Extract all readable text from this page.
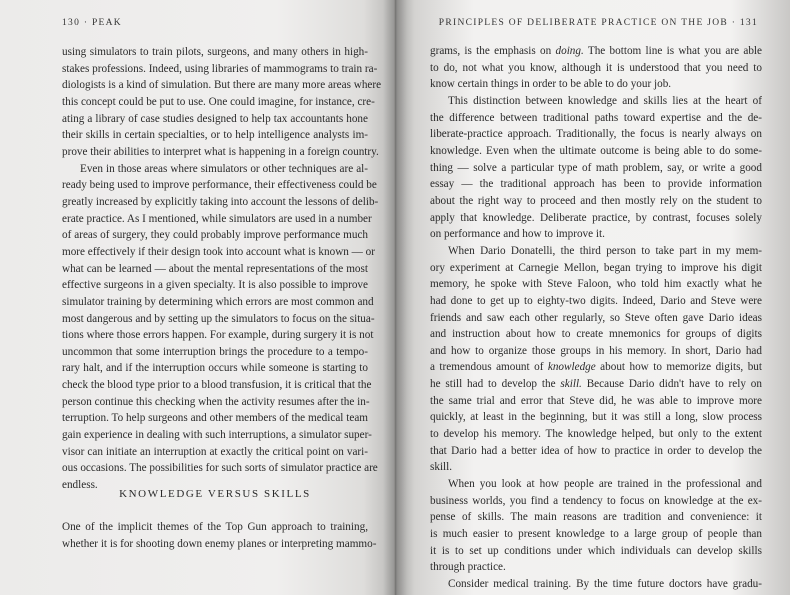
130 · PEAK
using simulators to train pilots, surgeons, and many others in high-
stakes professions. Indeed, using libraries of mammograms to train ra-
diologists is a kind of simulation. But there are many more areas where
this concept could be put to use. One could imagine, for instance, cre-
ating a library of case studies designed to help tax accountants hone
their skills in certain specialties, or to help intelligence analysts im-
prove their abilities to interpret what is happening in a foreign country.
Even in those areas where simulators or other techniques are al-
ready being used to improve performance, their effectiveness could be
greatly increased by explicitly taking into account the lessons of delib-
erate practice. As I mentioned, while simulators are used in a number
of areas of surgery, they could probably improve performance much
more effectively if their design took into account what is known — or
what can be learned — about the mental representations of the most
effective surgeons in a given specialty. It is also possible to improve
simulator training by determining which errors are most common and
most dangerous and by setting up the simulators to focus on the situa-
tions where those errors happen. For example, during surgery it is not
uncommon that some interruption brings the procedure to a tempo-
rary halt, and if the interruption occurs while someone is starting to
check the blood type prior to a blood transfusion, it is critical that the
person continue this checking when the activity resumes after the in-
terruption. To help surgeons and other members of the medical team
gain experience in dealing with such interruptions, a simulator super-
visor can initiate an interruption at exactly the critical point on vari-
ous occasions. The possibilities for such sorts of simulator practice are
endless.
KNOWLEDGE VERSUS SKILLS
One of the implicit themes of the Top Gun approach to training,
whether it is for shooting down enemy planes or interpreting mammo-
PRINCIPLES OF DELIBERATE PRACTICE ON THE JOB · 131
grams, is the emphasis on doing. The bottom line is what you are able
to do, not what you know, although it is understood that you need to
know certain things in order to be able to do your job.
This distinction between knowledge and skills lies at the heart of
the difference between traditional paths toward expertise and the de-
liberate-practice approach. Traditionally, the focus is nearly always on
knowledge. Even when the ultimate outcome is being able to do some-
thing — solve a particular type of math problem, say, or write a good
essay — the traditional approach has been to provide information
about the right way to proceed and then mostly rely on the student to
apply that knowledge. Deliberate practice, by contrast, focuses solely
on performance and how to improve it.
When Dario Donatelli, the third person to take part in my mem-
ory experiment at Carnegie Mellon, began trying to improve his digit
memory, he spoke with Steve Faloon, who told him exactly what he
had done to get up to eighty-two digits. Indeed, Dario and Steve were
friends and saw each other regularly, so Steve often gave Dario ideas
and instruction about how to create mnemonics for groups of digits
and how to organize those groups in his memory. In short, Dario had
a tremendous amount of knowledge about how to memorize digits, but
he still had to develop the skill. Because Dario didn't have to rely on
the same trial and error that Steve did, he was able to improve more
quickly, at least in the beginning, but it was still a long, slow process
to develop his memory. The knowledge helped, but only to the extent
that Dario had a better idea of how to practice in order to develop the
skill.
When you look at how people are trained in the professional and
business worlds, you find a tendency to focus on knowledge at the ex-
pense of skills. The main reasons are tradition and convenience: it
is much easier to present knowledge to a large group of people than
it is to set up conditions under which individuals can develop skills
through practice.
Consider medical training. By the time future doctors have gradu-
